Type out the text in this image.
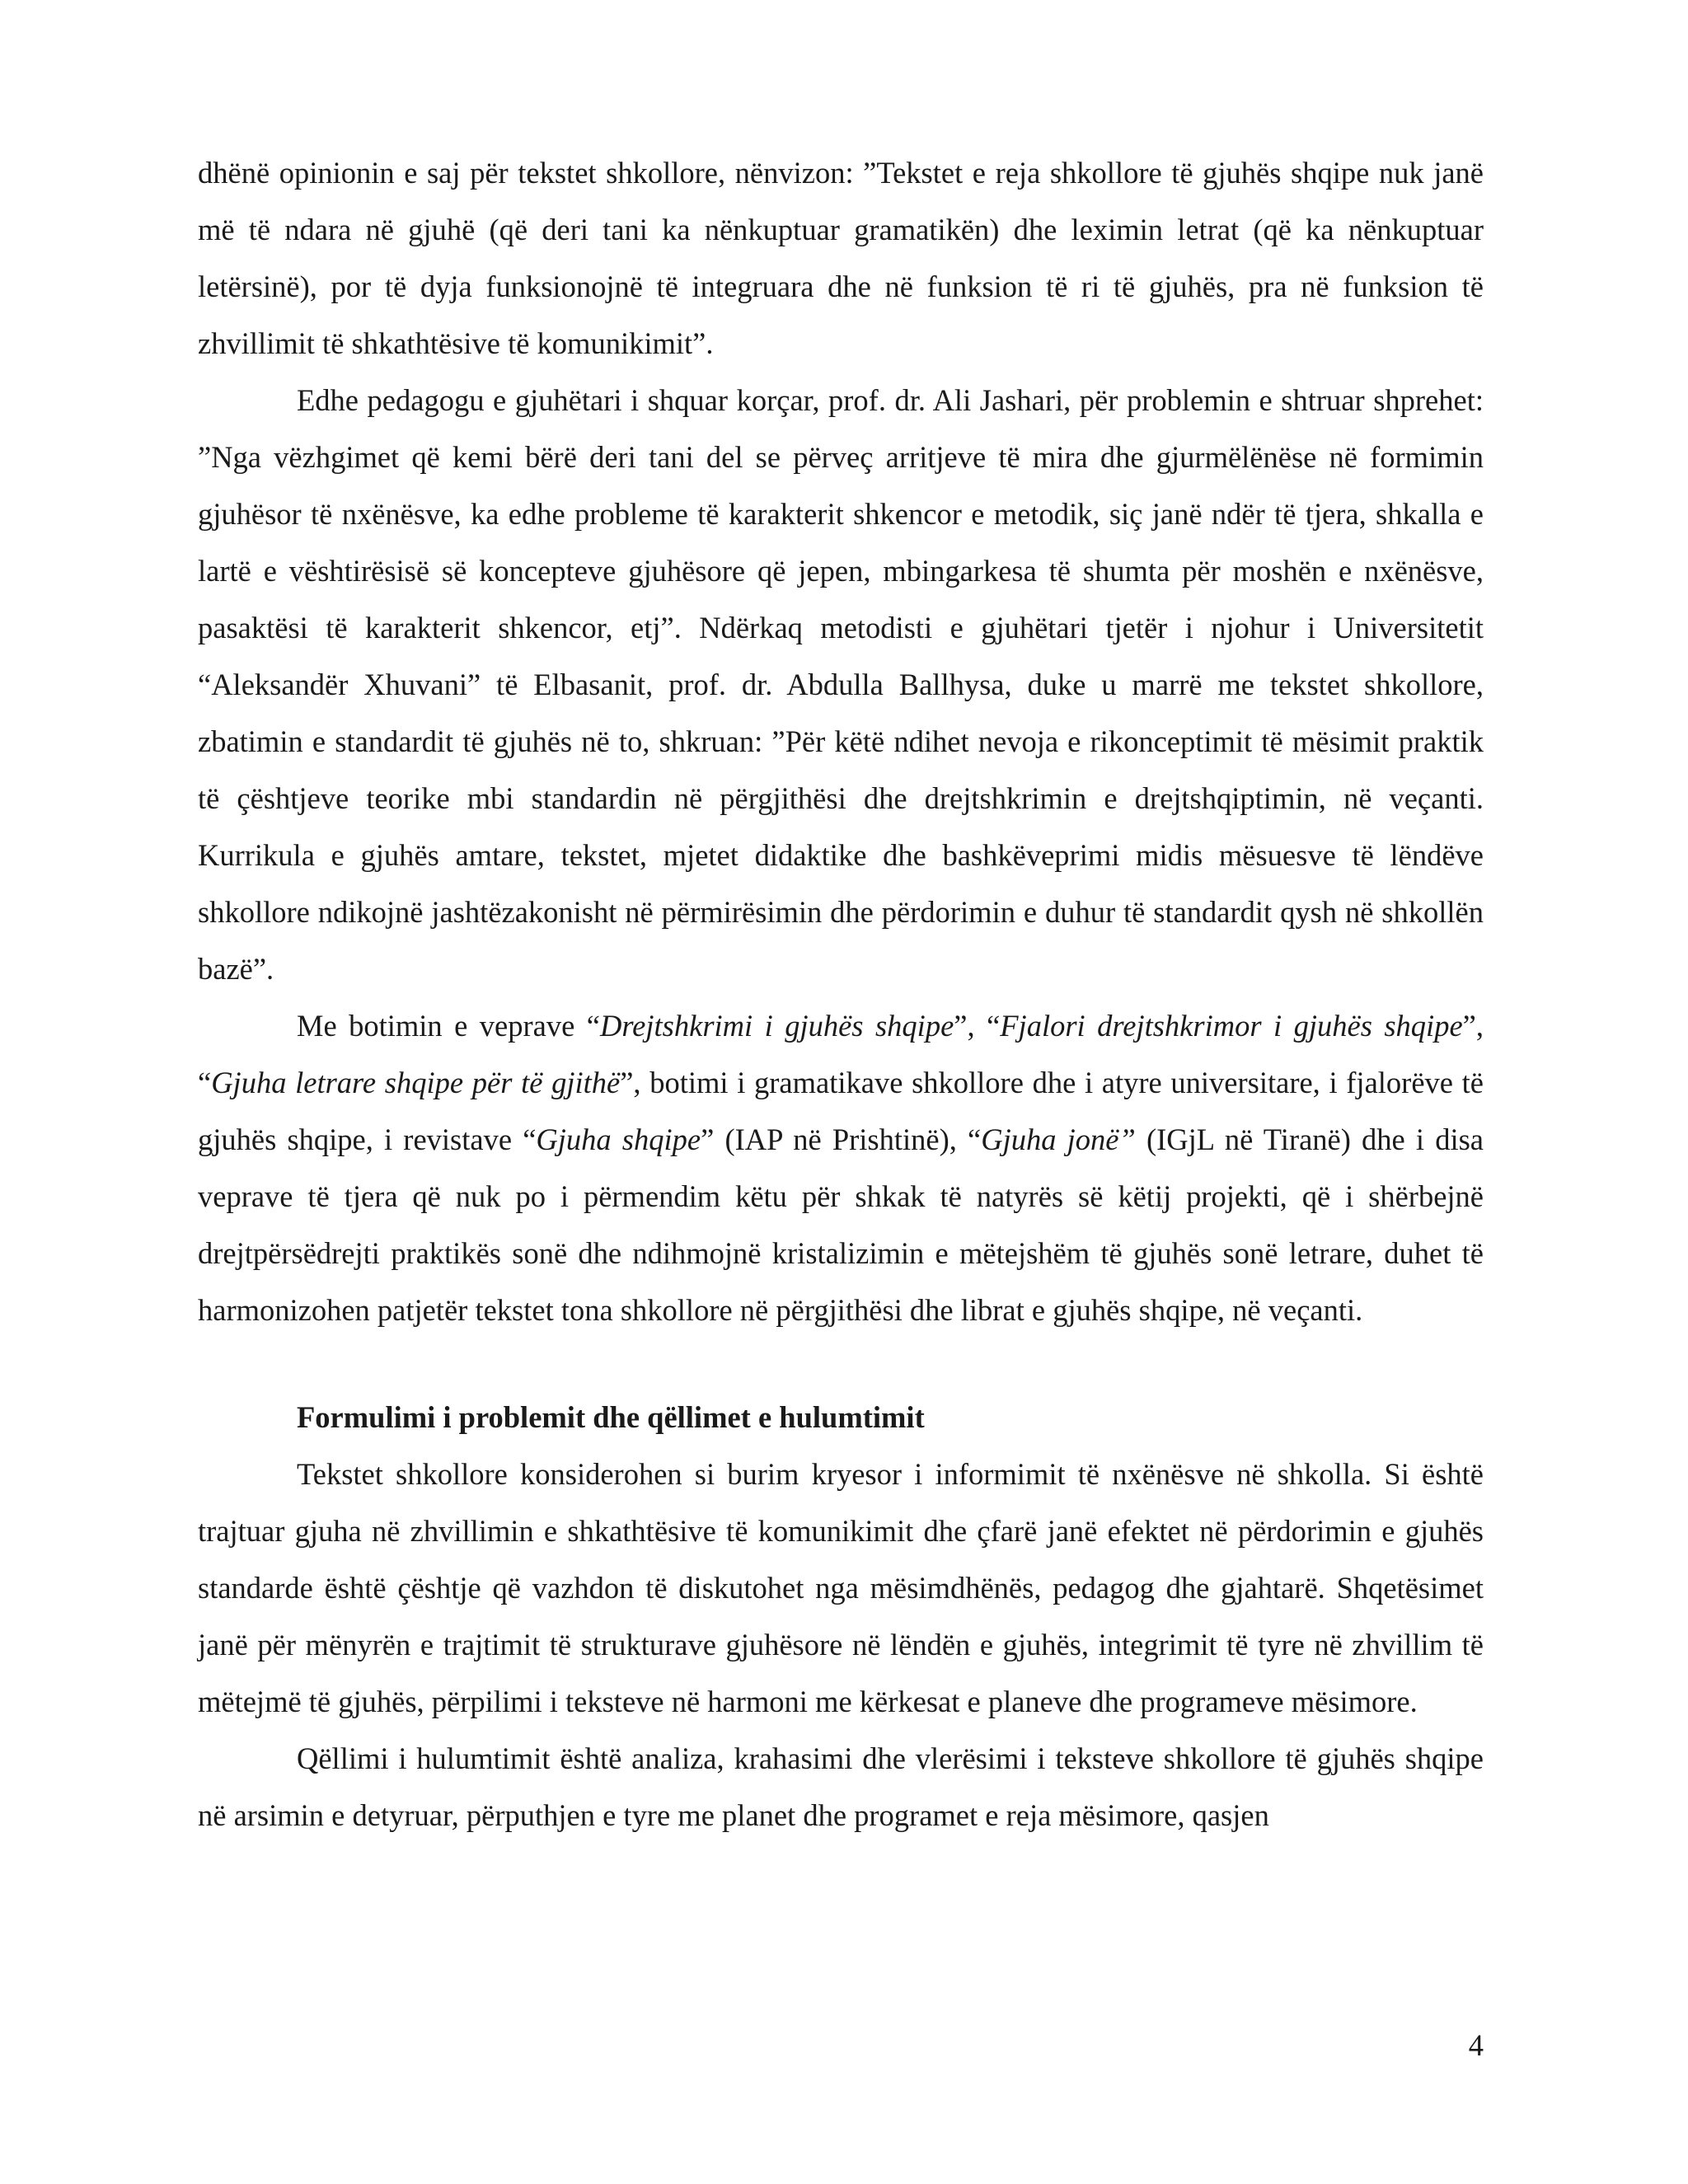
dhënë opinionin e saj për tekstet shkollore, nënvizon: ”Tekstet e reja shkollore të gjuhës shqipe nuk janë më të ndara në gjuhë (që deri tani ka nënkuptuar gramatikën) dhe leximin letrat (që ka nënkuptuar letërsinë), por të dyja funksionojnë të integruara dhe në funksion të ri të gjuhës, pra në funksion të zhvillimit të shkathtësive të komunikimit”.

Edhe pedagogu e gjuhëtari i shquar korçar, prof. dr. Ali Jashari, për problemin e shtruar shprehet: ”Nga vëzhgimet që kemi bërë deri tani del se përveç arritjeve të mira dhe gjurmëlënëse në formimin gjuhësor të nxënësve, ka edhe probleme të karakterit shkencor e metodik, siç janë ndër të tjera, shkalla e lartë e vështirësisë së koncepteve gjuhësore që jepen, mbingarkesa të shumta për moshën e nxënësve, pasaktësi të karakterit shkencor, etj”. Ndërkaq metodisti e gjuhëtari tjetër i njohur i Universitetit “Aleksandër Xhuvani” të Elbasanit, prof. dr. Abdulla Ballhysa, duke u marrë me tekstet shkollore, zbatimin e standardit të gjuhës në to, shkruan: ”Për këtë ndihet nevoja e rikonceptimit të mësimit praktik të çështjeve teorike mbi standardin në përgjithësi dhe drejtshkrimin e drejtshqiptimin, në veçanti. Kurrikula e gjuhës amtare, tekstet, mjetet didaktike dhe bashkëveprimi midis mësuesve të lëndëve shkollore ndikojnë jashtëzakonisht në përmirësimin dhe përdorimin e duhur të standardit qysh në shkollën bazë”.

Me botimin e veprave “Drejtshkrimi i gjuhës shqipe”, “Fjalori drejtshkrimor i gjuhës shqipe”, “Gjuha letrare shqipe për të gjithë”, botimi i gramatikave shkollore dhe i atyre universitare, i fjalorëve të gjuhës shqipe, i revistave “Gjuha shqipe” (IAP në Prishtinë), “Gjuha jonë” (IGjL në Tiranë) dhe i disa veprave të tjera që nuk po i përmendim këtu për shkak të natyrës së këtij projekti, që i shërbejnë drejtpërsëdrejti praktikës sonë dhe ndihmojnë kristalizimin e mëtejshëm të gjuhës sonë letrare, duhet të harmonizohen patjetër tekstet tona shkollore në përgjithësi dhe librat e gjuhës shqipe, në veçanti.

Formulimi i problemit dhe qëllimet e hulumtimit

Tekstet shkollore konsiderohen si burim kryesor i informimit të nxënësve në shkolla. Si është trajtuar gjuha në zhvillimin e shkathtësive të komunikimit dhe çfarë janë efektet në përdorimin e gjuhës standarde është çështje që vazhdon të diskutohet nga mësimdhënës, pedagog dhe gjahtarë. Shqetësimet janë për mënyrën e trajtimit të strukturave gjuhësore në lëndën e gjuhës, integrimit të tyre në zhvillim të mëtejmë të gjuhës, përpilimi i teksteve në harmoni me kërkesat e planeve dhe programeve mësimore.

Qëllimi i hulumtimit është analiza, krahasimi dhe vlerësimi i teksteve shkollore të gjuhës shqipe në arsimin e detyruar, përputhjen e tyre me planet dhe programet e reja mësimore, qasjen

4
